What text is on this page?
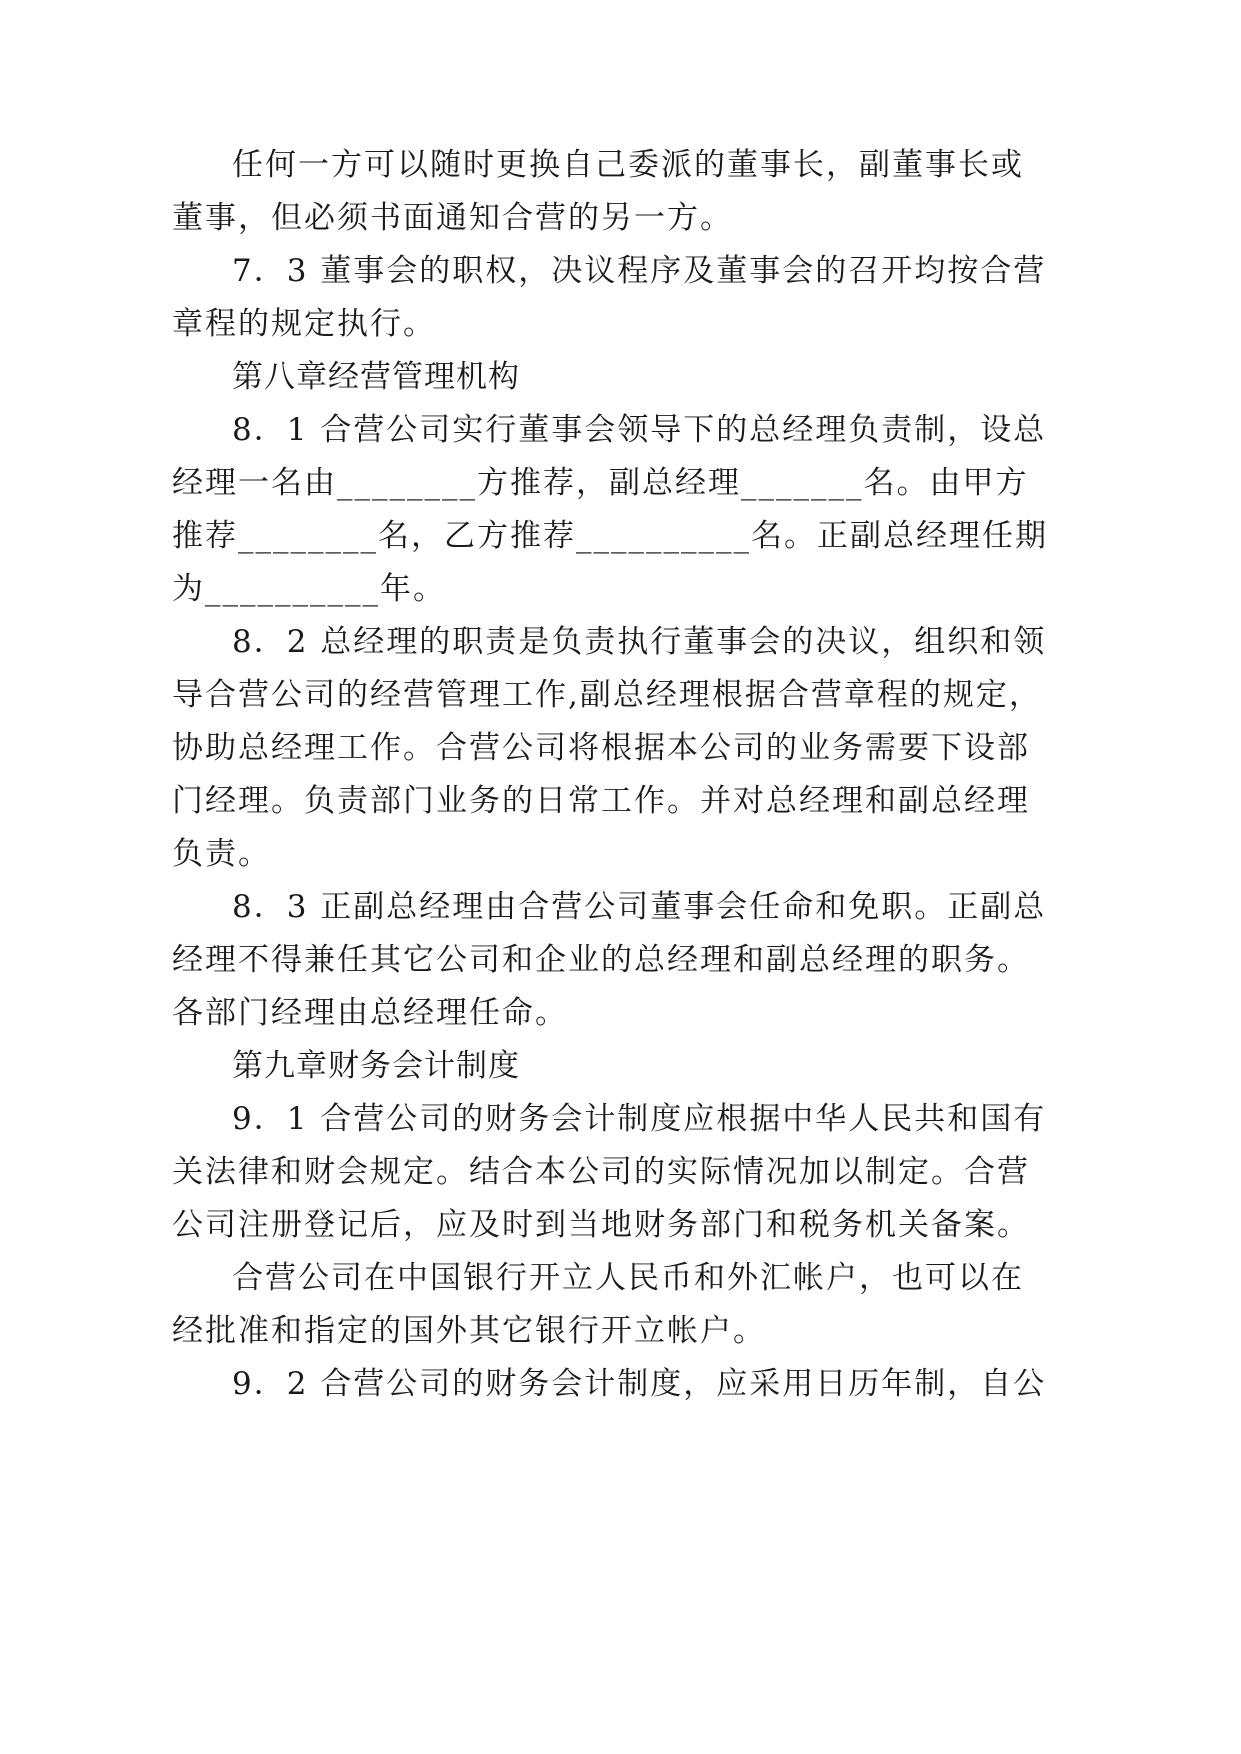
任何一方可以随时更换自己委派的董事长，副董事长或
董事，但必须书面通知合营的另一方。
7．3 董事会的职权，决议程序及董事会的召开均按合营
章程的规定执行。
第八章经营管理机构
8．1 合营公司实行董事会领导下的总经理负责制，设总
经理一名由________方推荐，副总经理_______名。由甲方
推荐________名，乙方推荐__________名。正副总经理任期
为__________年。
8．2 总经理的职责是负责执行董事会的决议，组织和领
导合营公司的经营管理工作,副总经理根据合营章程的规定，
协助总经理工作。合营公司将根据本公司的业务需要下设部
门经理。负责部门业务的日常工作。并对总经理和副总经理
负责。
8．3 正副总经理由合营公司董事会任命和免职。正副总
经理不得兼任其它公司和企业的总经理和副总经理的职务。
各部门经理由总经理任命。
第九章财务会计制度
9．1 合营公司的财务会计制度应根据中华人民共和国有
关法律和财会规定。结合本公司的实际情况加以制定。合营
公司注册登记后，应及时到当地财务部门和税务机关备案。
合营公司在中国银行开立人民币和外汇帐户，也可以在
经批准和指定的国外其它银行开立帐户。
9．2 合营公司的财务会计制度，应采用日历年制，自公
